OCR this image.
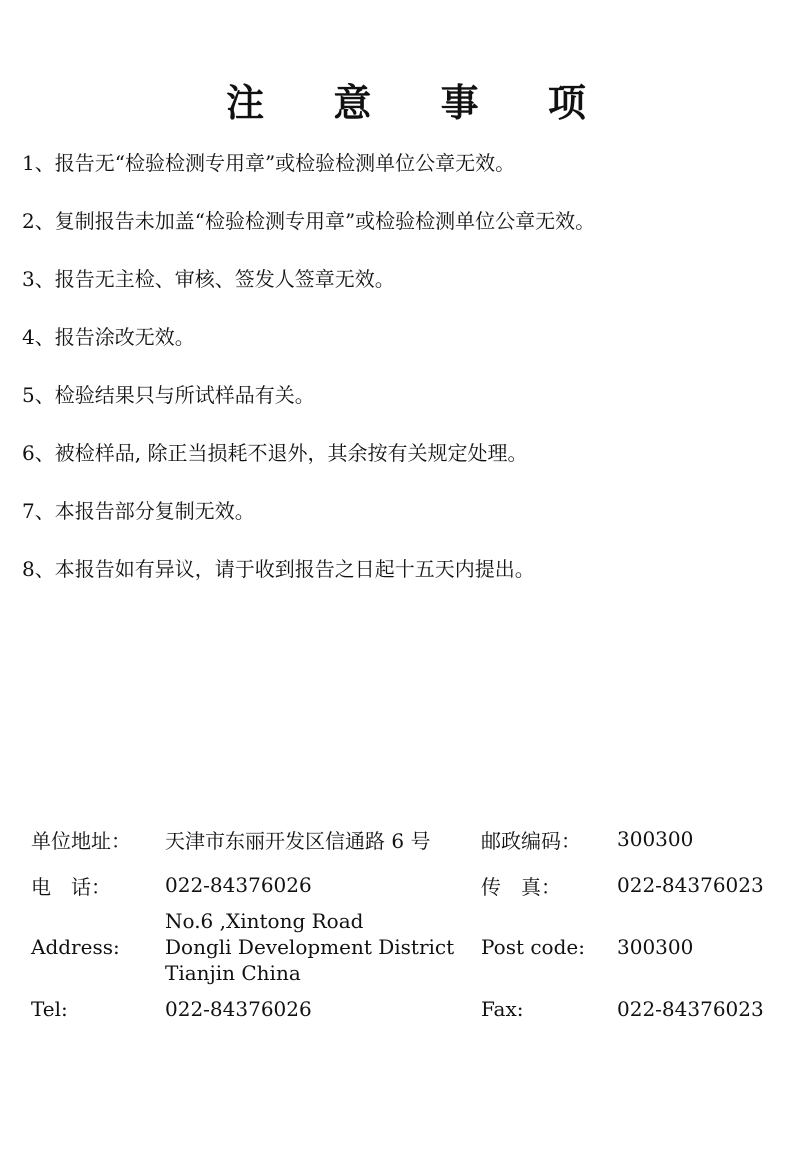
注 意 事 项
1、报告无“检验检测专用章”或检验检测单位公章无效。
2、复制报告未加盖“检验检测专用章”或检验检测单位公章无效。
3、报告无主检、审核、签发人签章无效。
4、报告涂改无效。
5、检验结果只与所试样品有关。
6、被检样品, 除正当损耗不退外，其余按有关规定处理。
7、本报告部分复制无效。
8、本报告如有异议，请于收到报告之日起十五天内提出。
单位地址：	天津市东丽开发区信通路 6 号	邮政编码：	300300
电　话：	022-84376026	传　真：	022-84376023
Address:	No.6 ,Xintong Road
Dongli Development District
Tianjin China	Post code:	300300
Tel:	022-84376026	Fax:	022-84376023
